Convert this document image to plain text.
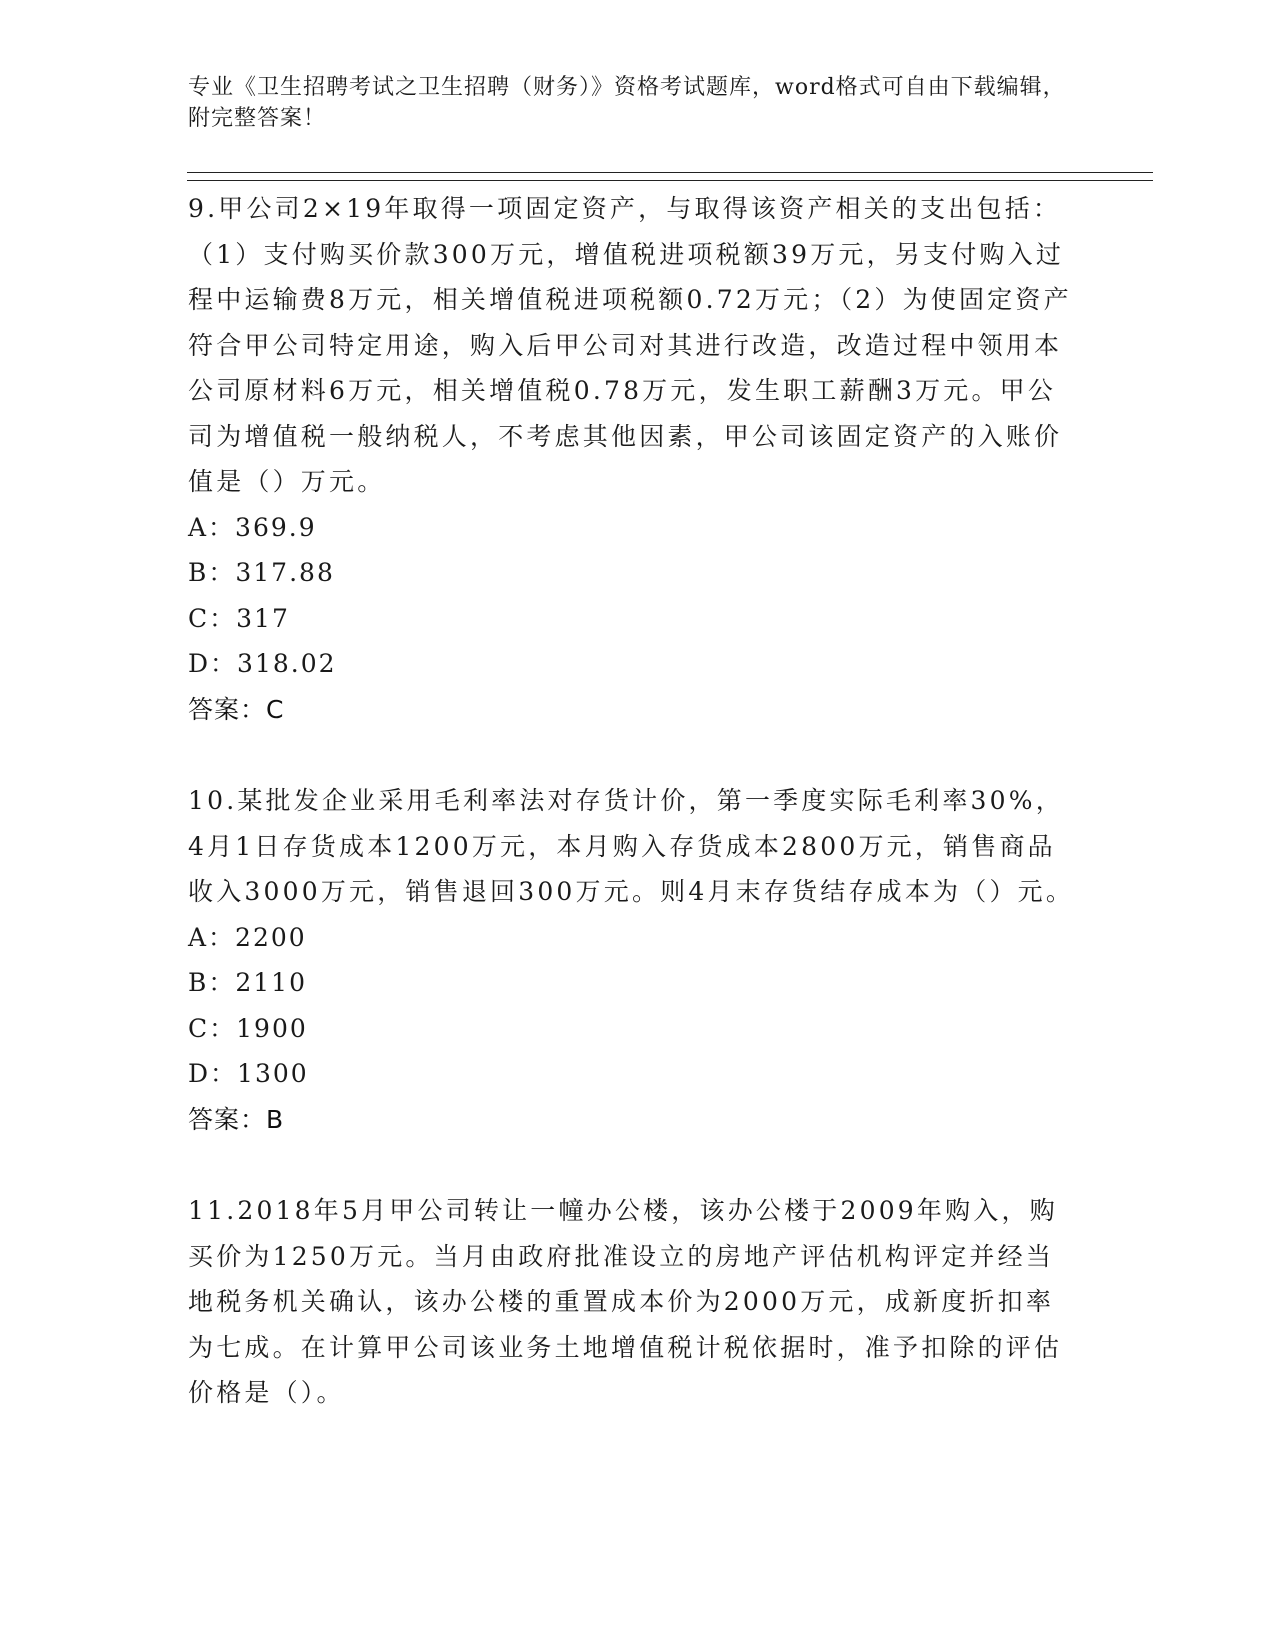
专业《卫生招聘考试之卫生招聘（财务）》资格考试题库，word格式可自由下载编辑，附完整答案！
9.甲公司2×19年取得一项固定资产，与取得该资产相关的支出包括：（1）支付购买价款300万元，增值税进项税额39万元，另支付购入过程中运输费8万元，相关增值税进项税额0.72万元；（2）为使固定资产符合甲公司特定用途，购入后甲公司对其进行改造，改造过程中领用本公司原材料6万元，相关增值税0.78万元，发生职工薪酬3万元。甲公司为增值税一般纳税人，不考虑其他因素，甲公司该固定资产的入账价值是（）万元。
A：369.9
B：317.88
C：317
D：318.02
答案：C
10.某批发企业采用毛利率法对存货计价，第一季度实际毛利率30%，4月1日存货成本1200万元，本月购入存货成本2800万元，销售商品收入3000万元，销售退回300万元。则4月末存货结存成本为（）元。
A：2200
B：2110
C：1900
D：1300
答案：B
11.2018年5月甲公司转让一幢办公楼，该办公楼于2009年购入，购买价为1250万元。当月由政府批准设立的房地产评估机构评定并经当地税务机关确认，该办公楼的重置成本价为2000万元，成新度折扣率为七成。在计算甲公司该业务土地增值税计税依据时，准予扣除的评估价格是（）。
